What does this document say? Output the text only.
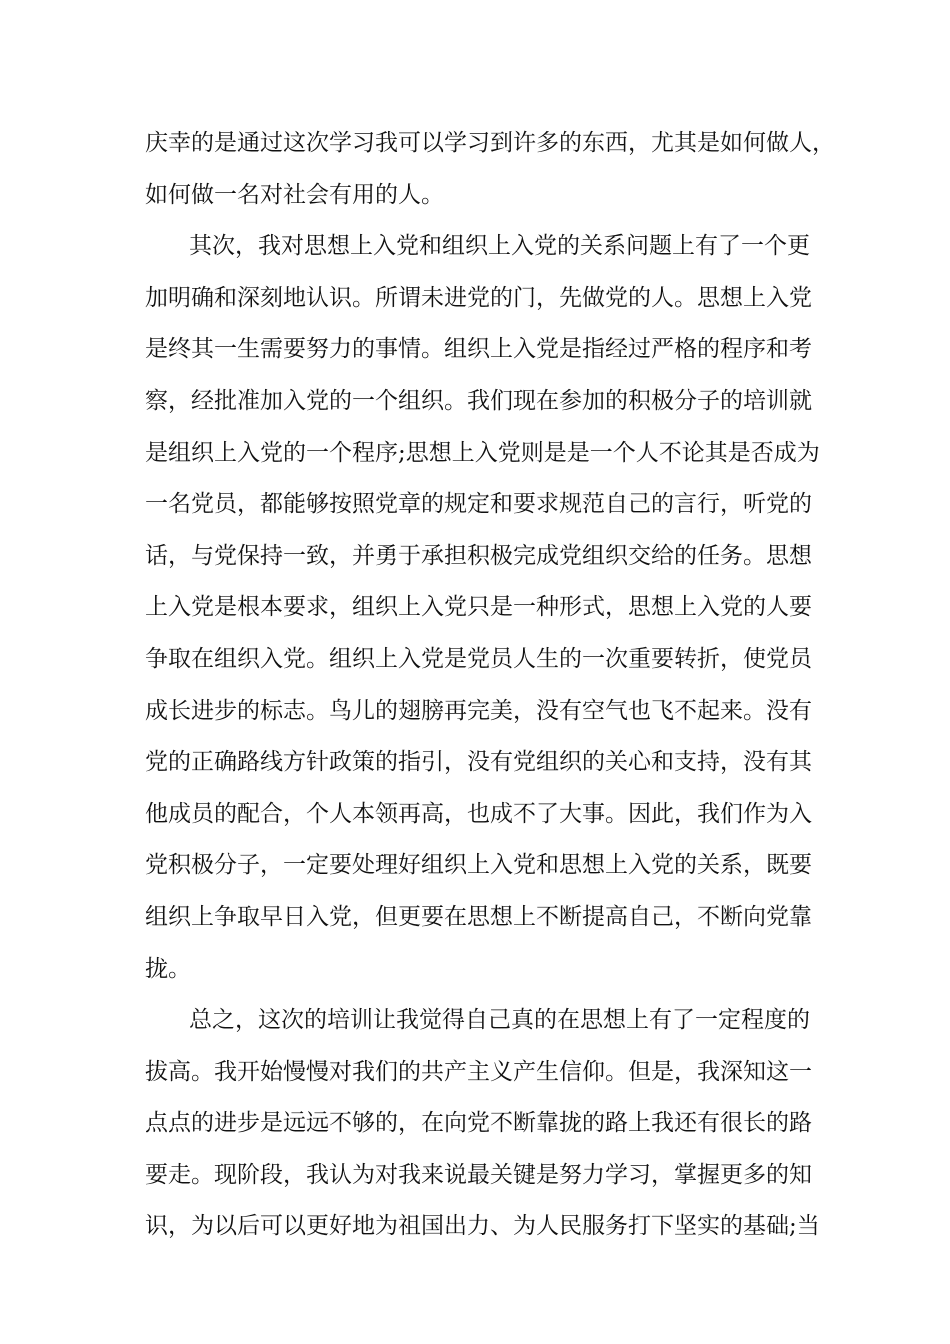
庆幸的是通过这次学习我可以学习到许多的东西，尤其是如何做人，
如何做一名对社会有用的人。
其次，我对思想上入党和组织上入党的关系问题上有了一个更
加明确和深刻地认识。所谓未进党的门，先做党的人。思想上入党
是终其一生需要努力的事情。组织上入党是指经过严格的程序和考
察，经批准加入党的一个组织。我们现在参加的积极分子的培训就
是组织上入党的一个程序;思想上入党则是是一个人不论其是否成为
一名党员，都能够按照党章的规定和要求规范自己的言行，听党的
话，与党保持一致，并勇于承担积极完成党组织交给的任务。思想
上入党是根本要求，组织上入党只是一种形式，思想上入党的人要
争取在组织入党。组织上入党是党员人生的一次重要转折，使党员
成长进步的标志。鸟儿的翅膀再完美，没有空气也飞不起来。没有
党的正确路线方针政策的指引，没有党组织的关心和支持，没有其
他成员的配合，个人本领再高，也成不了大事。因此，我们作为入
党积极分子，一定要处理好组织上入党和思想上入党的关系，既要
组织上争取早日入党，但更要在思想上不断提高自己，不断向党靠
拢。
总之，这次的培训让我觉得自己真的在思想上有了一定程度的
拔高。我开始慢慢对我们的共产主义产生信仰。但是，我深知这一
点点的进步是远远不够的，在向党不断靠拢的路上我还有很长的路
要走。现阶段，我认为对我来说最关键是努力学习，掌握更多的知
识，为以后可以更好地为祖国出力、为人民服务打下坚实的基础;当
